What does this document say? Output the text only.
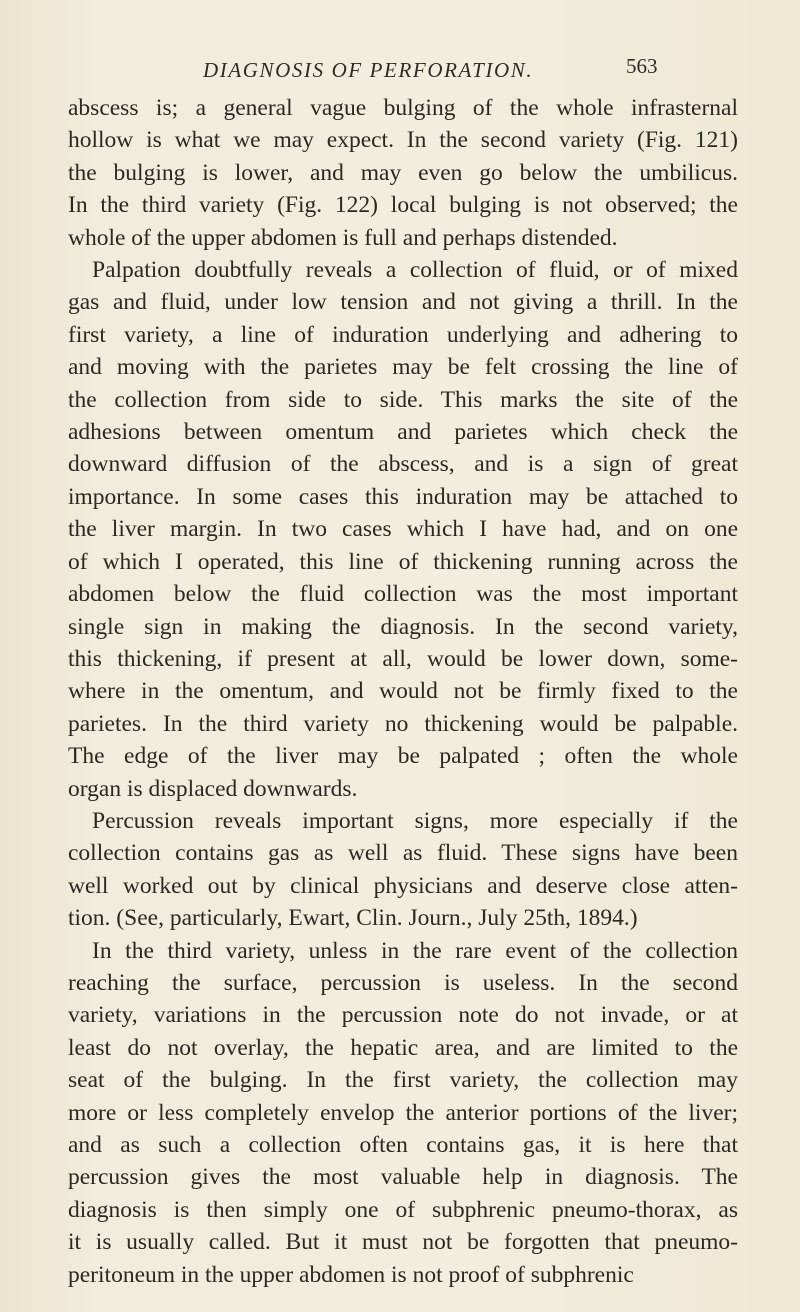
DIAGNOSIS OF PERFORATION.	563

abscess is; a general vague bulging of the whole infrasternal
hollow is what we may expect. In the second variety (Fig. 121)
the bulging is lower, and may even go below the umbilicus.
In the third variety (Fig. 122) local bulging is not observed; the
whole of the upper abdomen is full and perhaps distended.

Palpation doubtfully reveals a collection of fluid, or of mixed
gas and fluid, under low tension and not giving a thrill. In the
first variety, a line of induration underlying and adhering to
and moving with the parietes may be felt crossing the line of
the collection from side to side. This marks the site of the
adhesions between omentum and parietes which check the
downward diffusion of the abscess, and is a sign of great
importance. In some cases this induration may be attached to
the liver margin. In two cases which I have had, and on one
of which I operated, this line of thickening running across the
abdomen below the fluid collection was the most important
single sign in making the diagnosis. In the second variety,
this thickening, if present at all, would be lower down, some-
where in the omentum, and would not be firmly fixed to the
parietes. In the third variety no thickening would be palpable.
The edge of the liver may be palpated ; often the whole
organ is displaced downwards.

Percussion reveals important signs, more especially if the
collection contains gas as well as fluid. These signs have been
well worked out by clinical physicians and deserve close atten-
tion. (See, particularly, Ewart, Clin. Journ., July 25th, 1894.)

In the third variety, unless in the rare event of the collection
reaching the surface, percussion is useless. In the second
variety, variations in the percussion note do not invade, or at
least do not overlay, the hepatic area, and are limited to the
seat of the bulging. In the first variety, the collection may
more or less completely envelop the anterior portions of the liver;
and as such a collection often contains gas, it is here that
percussion gives the most valuable help in diagnosis. The
diagnosis is then simply one of subphrenic pneumo-thorax, as
it is usually called. But it must not be forgotten that pneumo-
peritoneum in the upper abdomen is not proof of subphrenic
